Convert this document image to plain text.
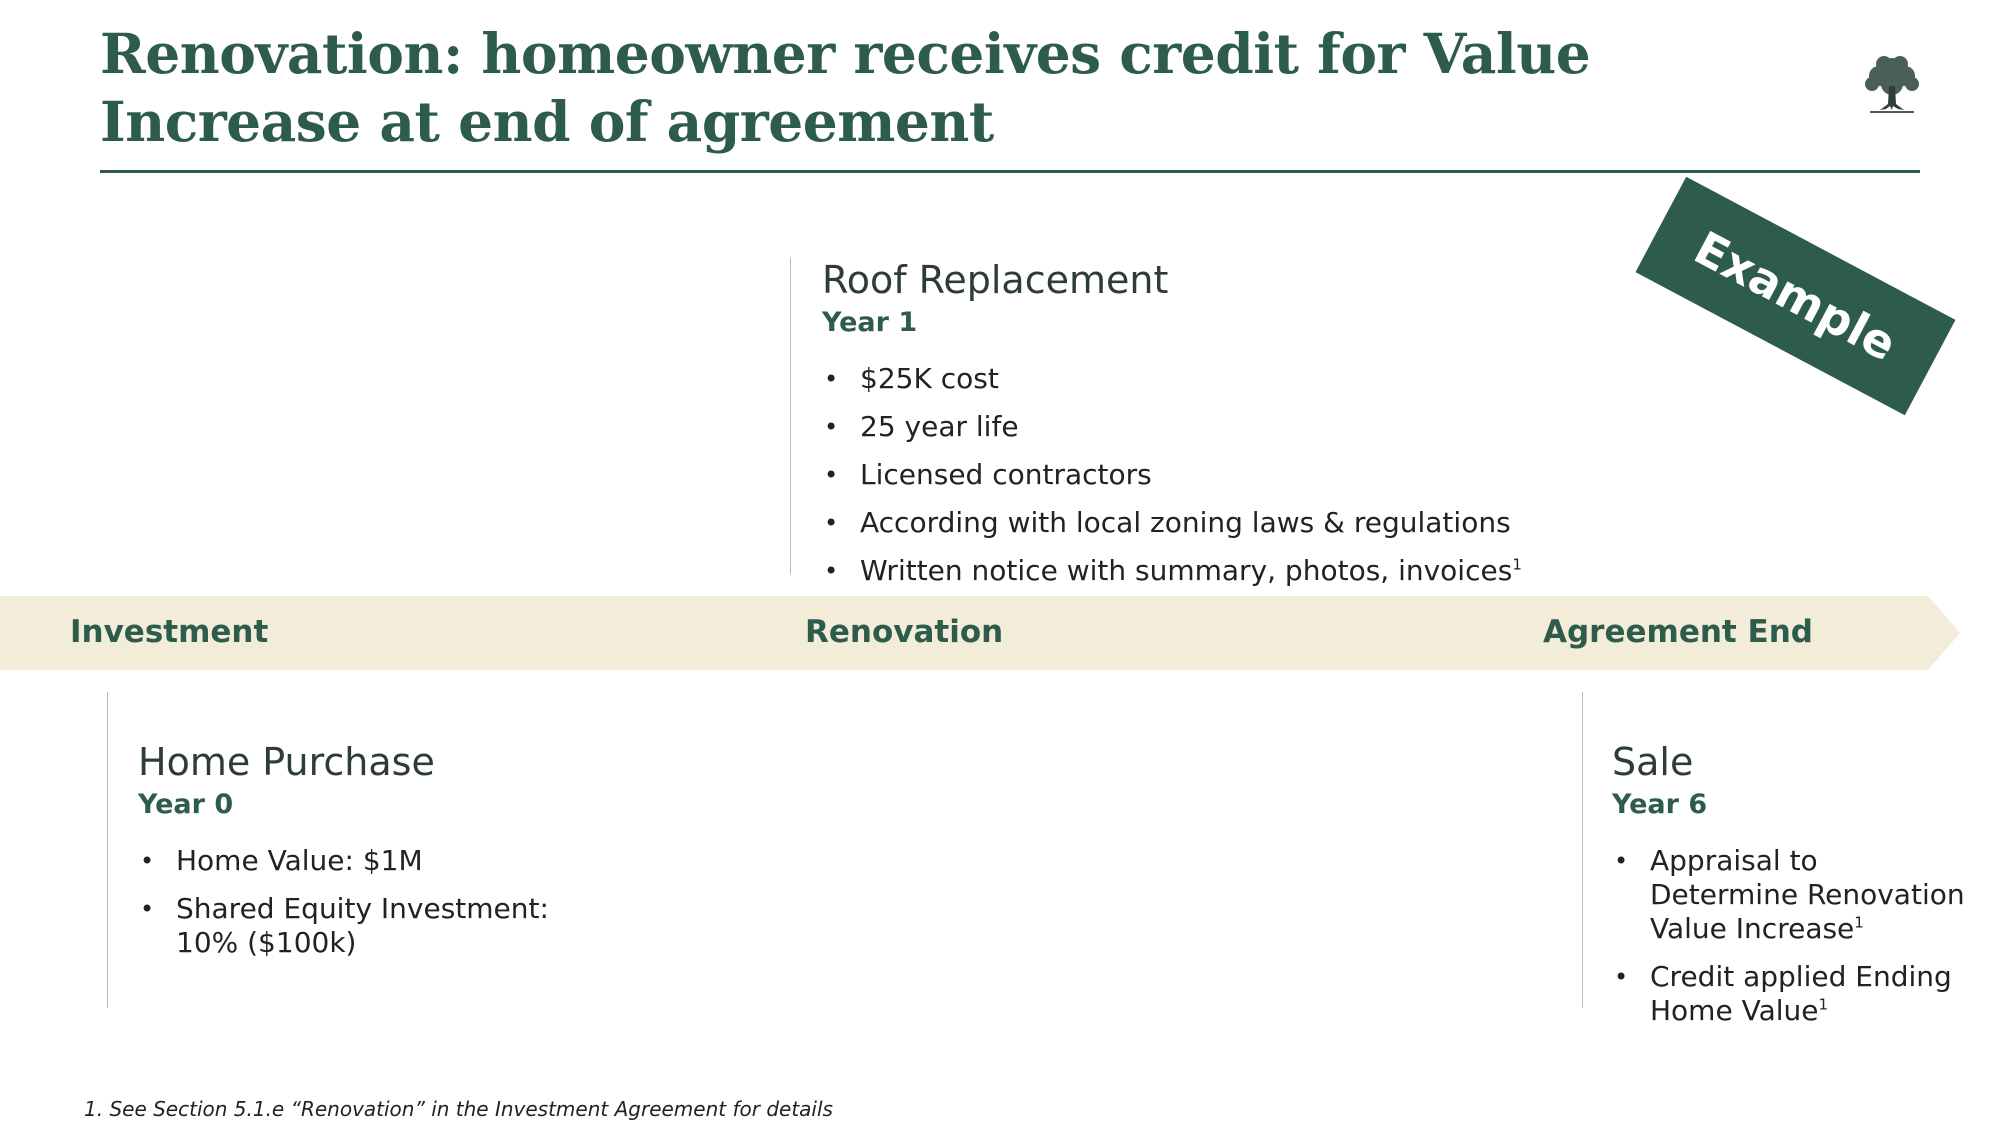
Renovation: homeowner receives credit for Value Increase at end of agreement
Example
Roof Replacement
Year 1
• $25K cost
• 25 year life
• Licensed contractors
• According with local zoning laws & regulations
• Written notice with summary, photos, invoices$^1$
Investment	Renovation	Agreement End
Home Purchase
Year 0
• Home Value: $1M
• Shared Equity Investment: 10% ($100k)
Sale
Year 6
• Appraisal to Determine Renovation Value Increase$^1$
• Credit applied Ending Home Value$^1$
1. See Section 5.1.e “Renovation” in the Investment Agreement for details
